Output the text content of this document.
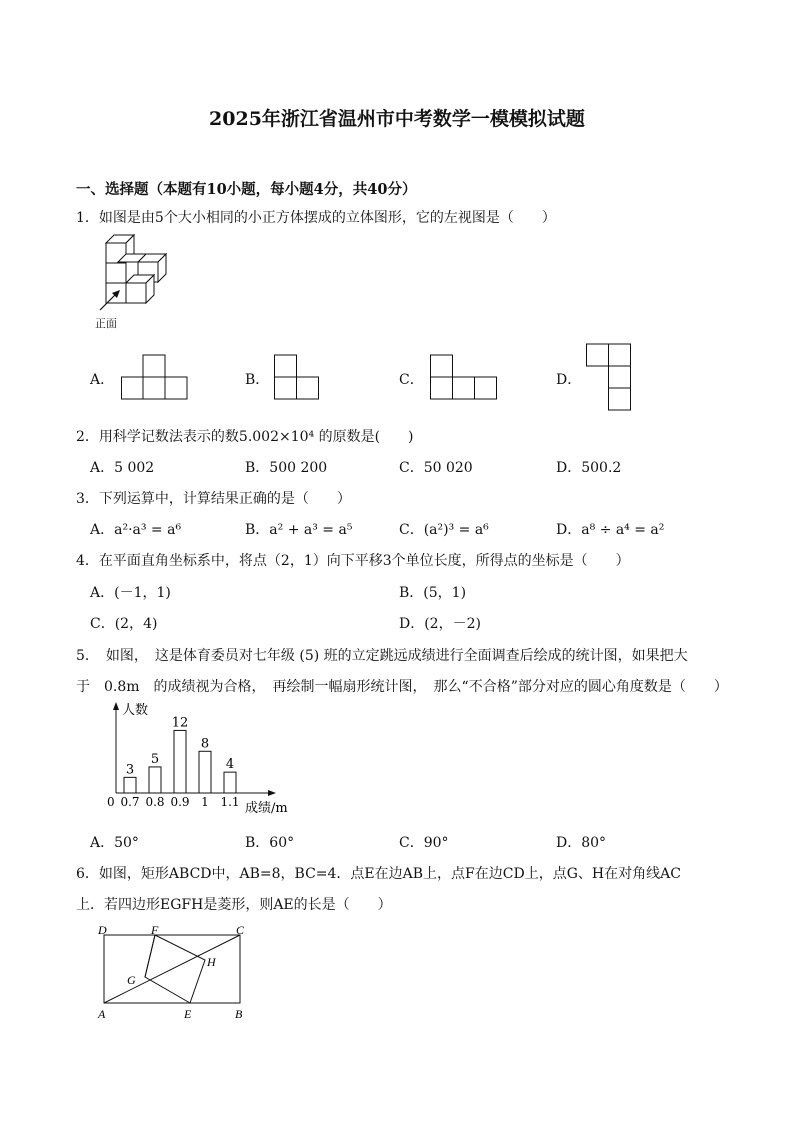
2025年浙江省温州市中考数学一模模拟试题
一、选择题（本题有10小题，每小题4分，共40分）
1．如图是由5个大小相同的小正方体摆成的立体图形，它的左视图是（　　）
正面
A．	B．	C．	D．
2．用科学记数法表示的数5.002×10⁴ 的原数是(　　)
A．5 002	B．500 200	C．50 020	D．500.2
3．下列运算中，计算结果正确的是（　　）
A．a²·a³ = a⁶	B．a² + a³ = a⁵	C．(a²)³ = a⁶	D．a⁸ ÷ a⁴ = a²
4．在平面直角坐标系中，将点（2，1）向下平移3个单位长度，所得点的坐标是（　　）
A．(－1，1)	B．(5，1)
C．(2，4)	D．(2，－2)
5．　如图，　这是体育委员对七年级 (5) 班的立定跳远成绩进行全面调查后绘成的统计图，如果把大
于　0.8m　的成绩视为合格，　再绘制一幅扇形统计图，　那么“不合格”部分对应的圆心角度数是（　　）
3
0.7
5
0.8
12
0.9
8
1
4
1.1
人数
成绩/m
0
A．50°	B．60°	C．90°	D．80°
6．如图，矩形ABCD中，AB=8，BC=4．点E在边AB上，点F在边CD上，点G、H在对角线AC
上．若四边形EGFH是菱形，则AE的长是（　　）
D	F	C
H
G
A	E	B
